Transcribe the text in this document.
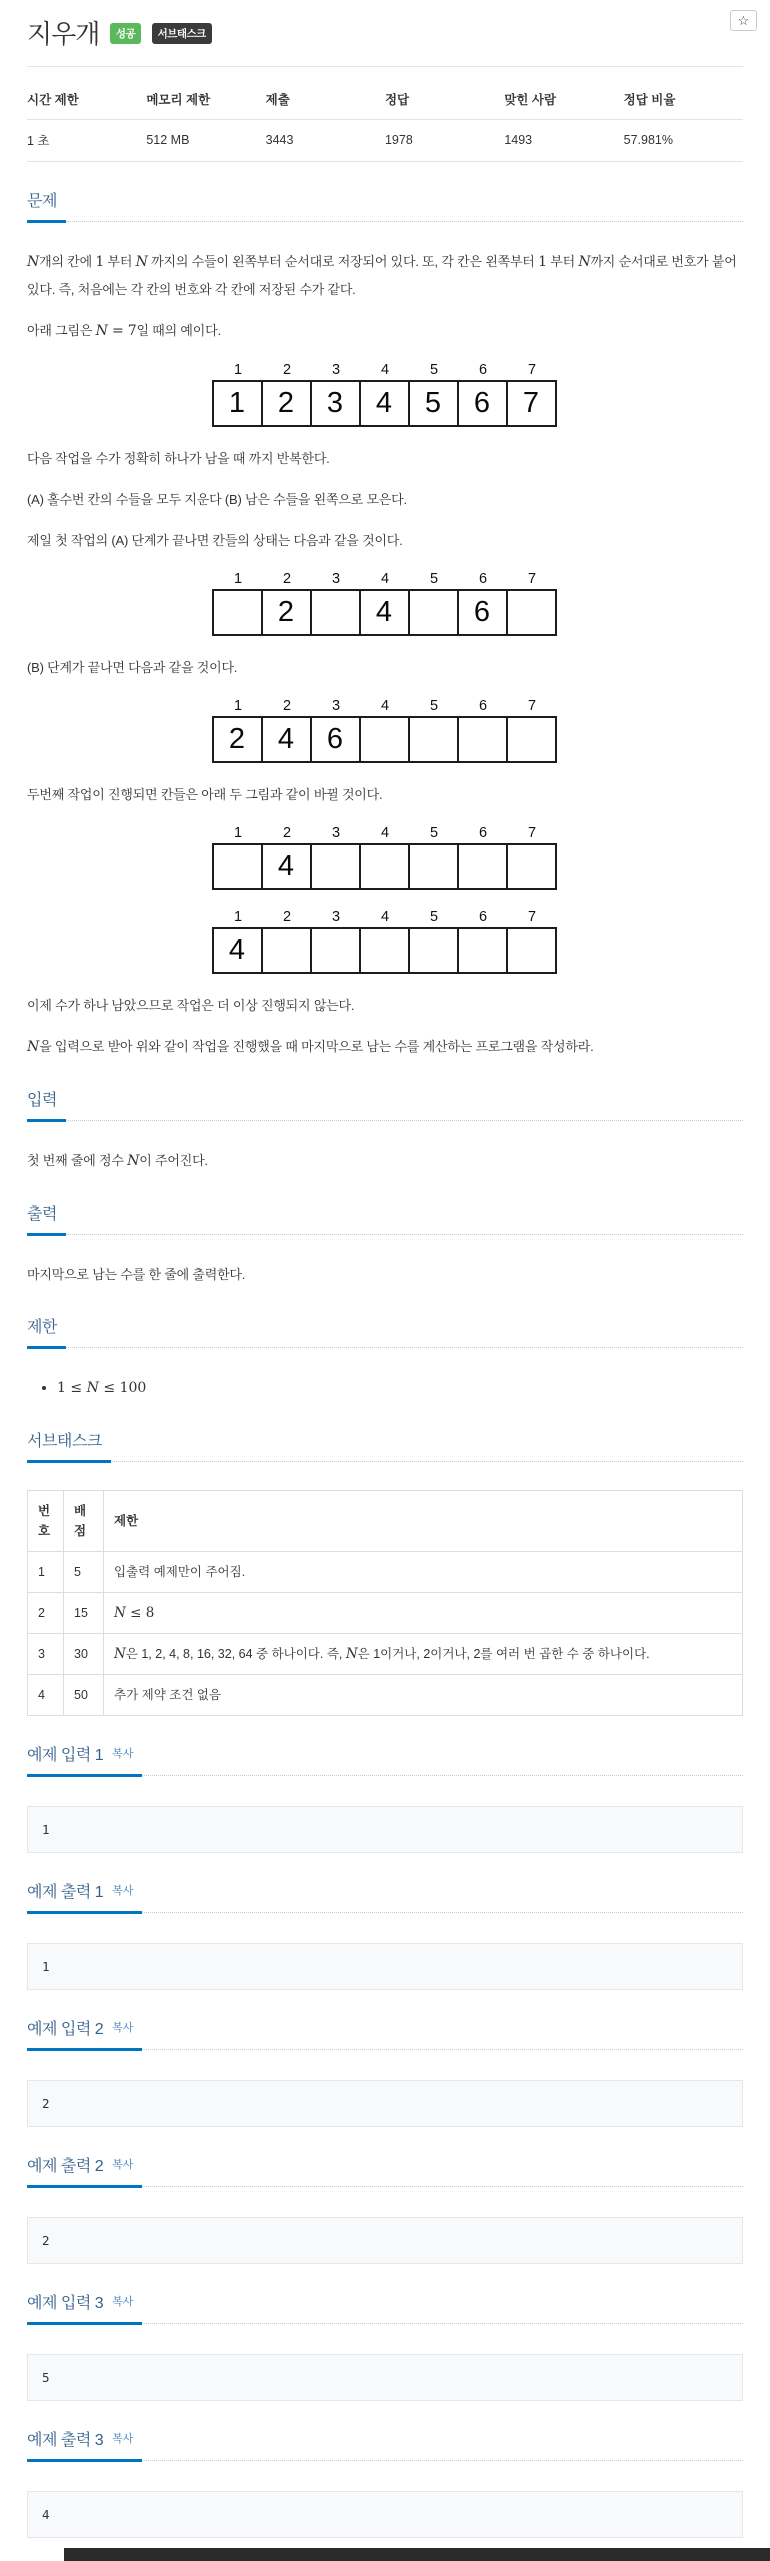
지우개 성공 서브태스크
☆
시간 제한	메모리 제한	제출	정답	맞힌 사람	정답 비율
1 초	512 MB	3443	1978	1493	57.981%
문제

N개의 칸에 1 부터 N 까지의 수들이 왼쪽부터 순서대로 저장되어 있다. 또, 각 칸은 왼쪽부터 1 부터 N까지 순서대로 번호가 붙어 있다. 즉, 처음에는 각 칸의 번호와 각 칸에 저장된 수가 같다.

아래 그림은 N = 7일 때의 예이다.

1	2	3	4	5	6	7
1	2	3	4	5	6	7

다음 작업을 수가 정확히 하나가 남을 때 까지 반복한다.

(A) 홀수번 칸의 수들을 모두 지운다 (B) 남은 수들을 왼쪽으로 모은다.

제일 첫 작업의 (A) 단계가 끝나면 칸들의 상태는 다음과 같을 것이다.

1	2	3	4	5	6	7
2	4	6

(B) 단계가 끝나면 다음과 같을 것이다.

1	2	3	4	5	6	7
2	4	6

두번째 작업이 진행되면 칸들은 아래 두 그림과 같이 바뀔 것이다.

1	2	3	4	5	6	7
4
1	2	3	4	5	6	7
4

이제 수가 하나 남았으므로 작업은 더 이상 진행되지 않는다.

N을 입력으로 받아 위와 같이 작업을 진행했을 때 마지막으로 남는 수를 계산하는 프로그램을 작성하라.

입력

첫 번째 줄에 정수 N이 주어진다.

출력

마지막으로 남는 수를 한 줄에 출력한다.

제한
• 1 ≤ N ≤ 100
서브태스크
번호	배점	제한
1	5	입출력 예제만이 주어짐.
2	15	N ≤ 8
3	30	N은 1, 2, 4, 8, 16, 32, 64 중 하나이다. 즉, N은 1이거나, 2이거나, 2를 여러 번 곱한 수 중 하나이다.
4	50	추가 제약 조건 없음
예제 입력 1 복사
1
예제 출력 1 복사
1
예제 입력 2 복사
2
예제 출력 2 복사
2
예제 입력 3 복사
5
예제 출력 3 복사
4
